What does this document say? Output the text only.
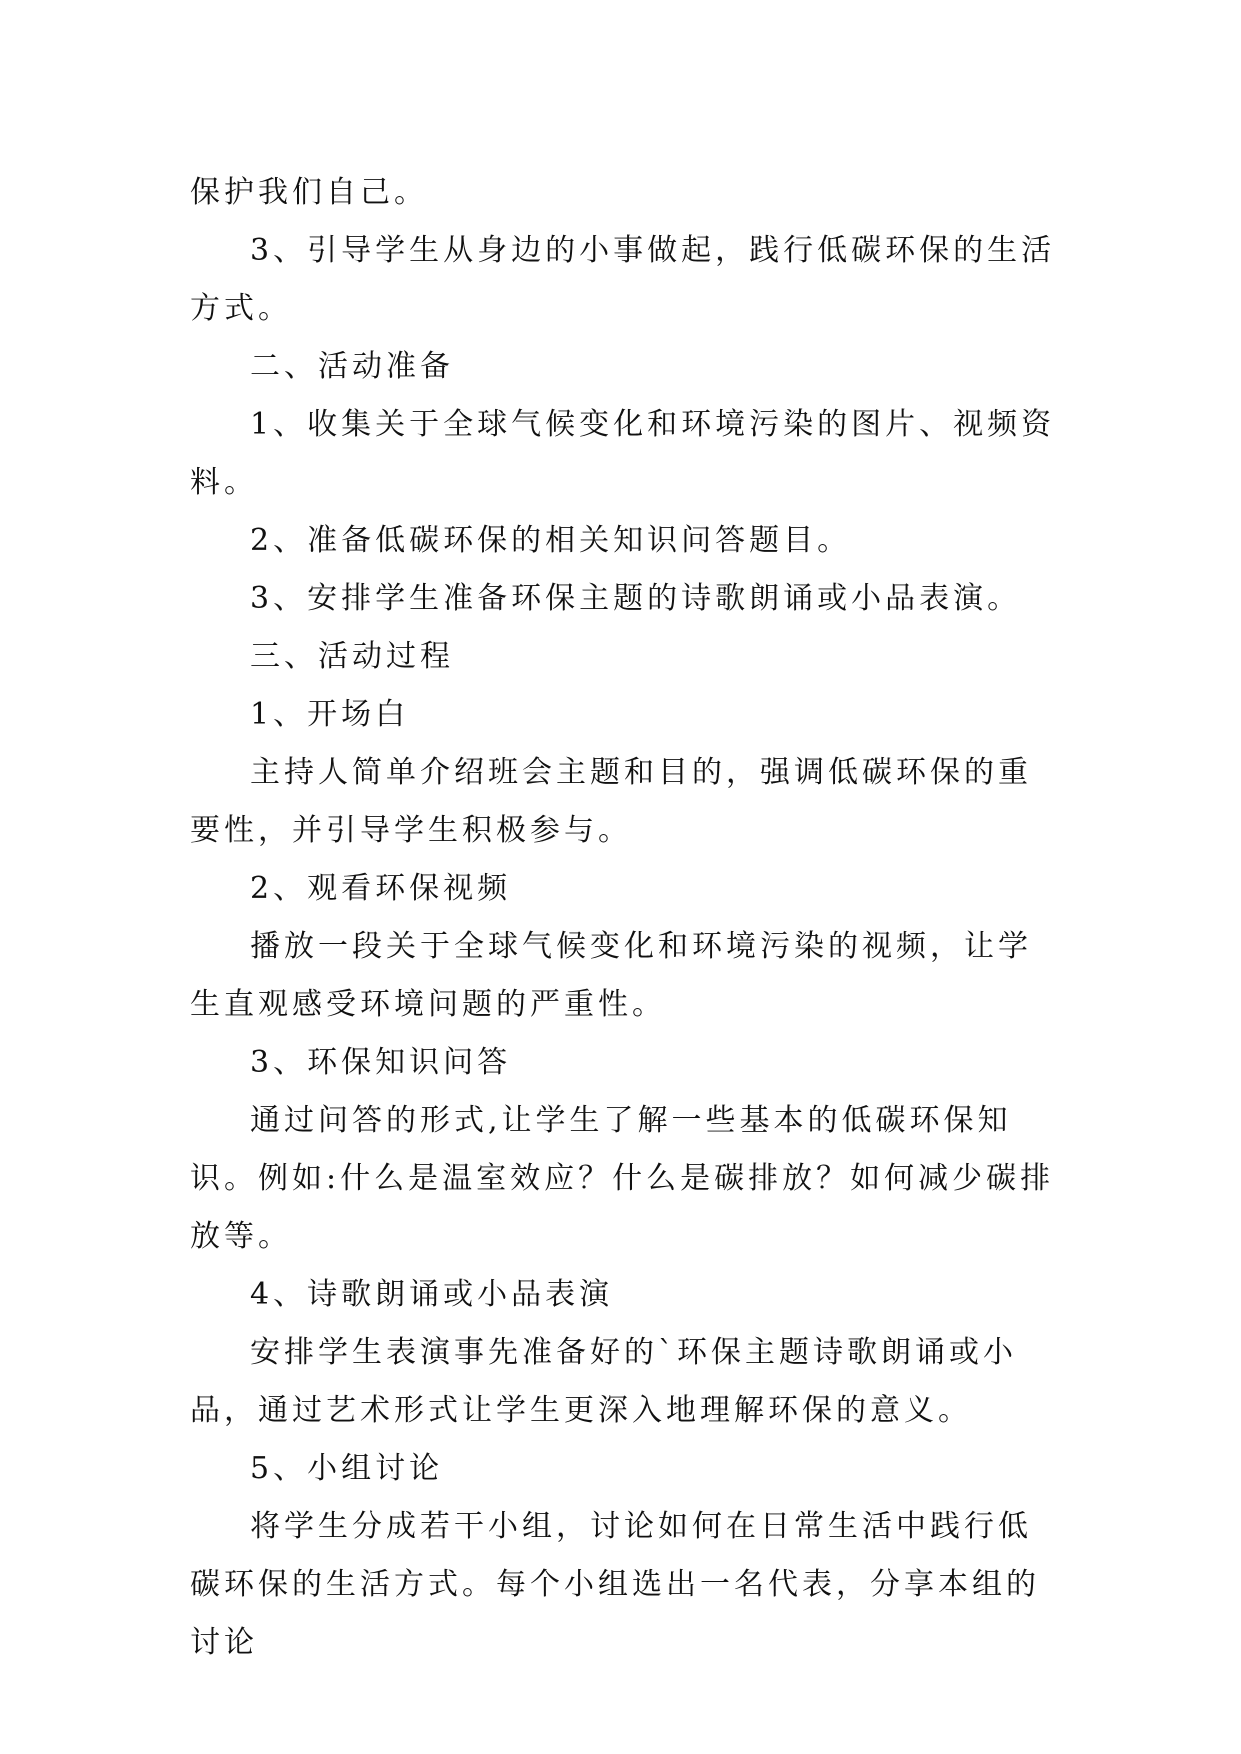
保护我们自己。

3、引导学生从身边的小事做起，践行低碳环保的生活方式。

二、活动准备

1、收集关于全球气候变化和环境污染的图片、视频资料。

2、准备低碳环保的相关知识问答题目。

3、安排学生准备环保主题的诗歌朗诵或小品表演。

三、活动过程

1、开场白

主持人简单介绍班会主题和目的，强调低碳环保的重要性，并引导学生积极参与。

2、观看环保视频

播放一段关于全球气候变化和环境污染的视频，让学生直观感受环境问题的严重性。

3、环保知识问答

通过问答的形式,让学生了解一些基本的低碳环保知识。例如:什么是温室效应？什么是碳排放？如何减少碳排放等。

4、诗歌朗诵或小品表演

安排学生表演事先准备好的`环保主题诗歌朗诵或小品，通过艺术形式让学生更深入地理解环保的意义。

5、小组讨论

将学生分成若干小组，讨论如何在日常生活中践行低碳环保的生活方式。每个小组选出一名代表，分享本组的讨论
